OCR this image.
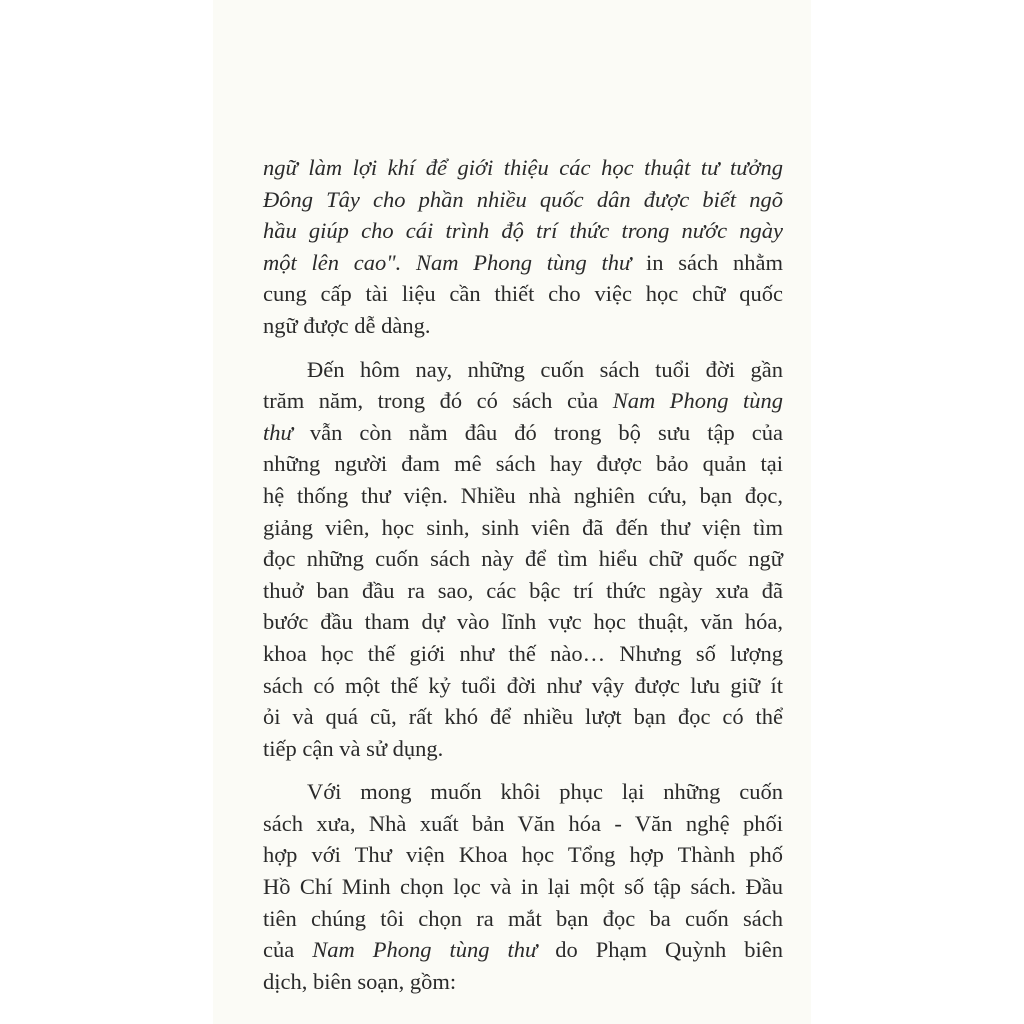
ngữ làm lợi khí để giới thiệu các học thuật tư tưởng
Đông Tây cho phần nhiều quốc dân được biết ngõ
hầu giúp cho cái trình độ trí thức trong nước ngày
một lên cao". Nam Phong tùng thư in sách nhằm
cung cấp tài liệu cần thiết cho việc học chữ quốc
ngữ được dễ dàng.
Đến hôm nay, những cuốn sách tuổi đời gần
trăm năm, trong đó có sách của Nam Phong tùng
thư vẫn còn nằm đâu đó trong bộ sưu tập của
những người đam mê sách hay được bảo quản tại
hệ thống thư viện. Nhiều nhà nghiên cứu, bạn đọc,
giảng viên, học sinh, sinh viên đã đến thư viện tìm
đọc những cuốn sách này để tìm hiểu chữ quốc ngữ
thuở ban đầu ra sao, các bậc trí thức ngày xưa đã
bước đầu tham dự vào lĩnh vực học thuật, văn hóa,
khoa học thế giới như thế nào… Nhưng số lượng
sách có một thế kỷ tuổi đời như vậy được lưu giữ ít
ỏi và quá cũ, rất khó để nhiều lượt bạn đọc có thể
tiếp cận và sử dụng.
Với mong muốn khôi phục lại những cuốn
sách xưa, Nhà xuất bản Văn hóa - Văn nghệ phối
hợp với Thư viện Khoa học Tổng hợp Thành phố
Hồ Chí Minh chọn lọc và in lại một số tập sách. Đầu
tiên chúng tôi chọn ra mắt bạn đọc ba cuốn sách
của Nam Phong tùng thư do Phạm Quỳnh biên
dịch, biên soạn, gồm:
